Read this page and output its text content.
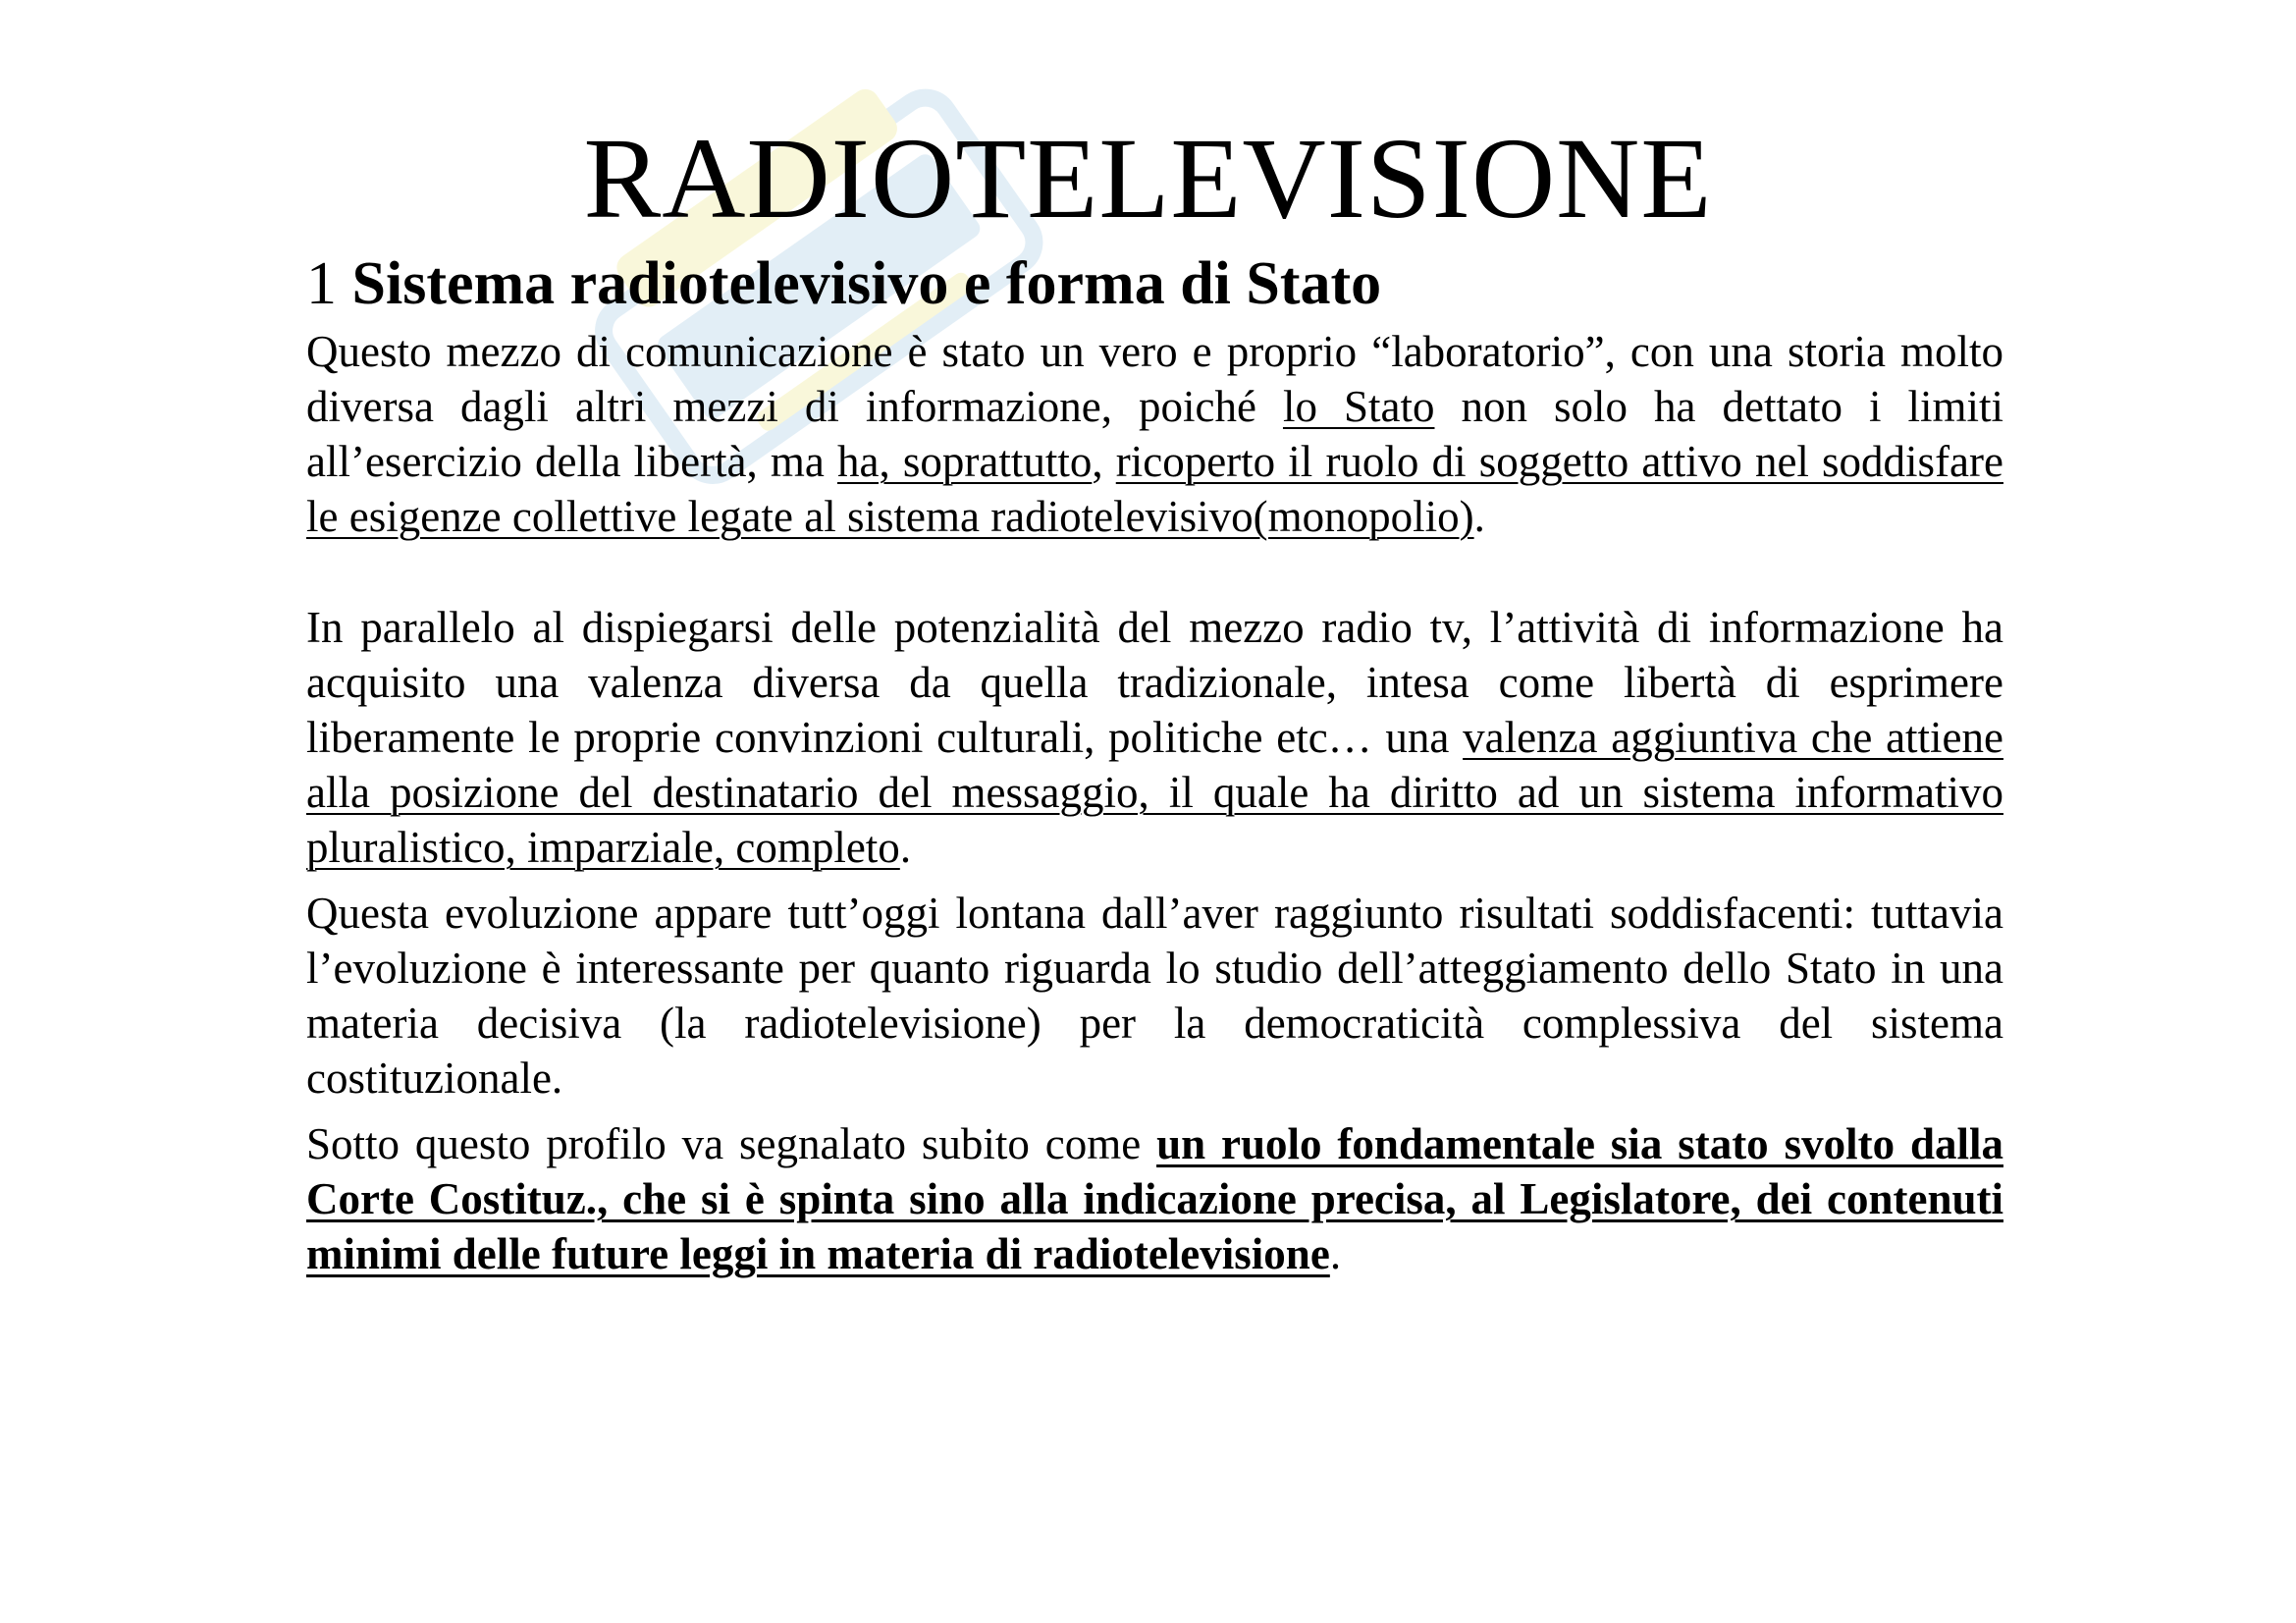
RADIOTELEVISIONE
1 Sistema radiotelevisivo e forma di Stato
Questo mezzo di comunicazione è stato un vero e proprio “laboratorio”, con una storia molto diversa dagli altri mezzi di informazione, poiché lo Stato non solo ha dettato i limiti all’esercizio della libertà, ma ha, soprattutto, ricoperto il ruolo di soggetto attivo nel soddisfare le esigenze collettive legate al sistema radiotelevisivo(monopolio).
In parallelo al dispiegarsi delle potenzialità del mezzo radio tv, l’attività di informazione ha acquisito una valenza diversa da quella tradizionale, intesa come libertà di esprimere liberamente le proprie convinzioni culturali, politiche etc… una valenza aggiuntiva che attiene alla posizione del destinatario del messaggio, il quale ha diritto ad un sistema informativo pluralistico, imparziale, completo.
Questa evoluzione appare tutt’oggi lontana dall’aver raggiunto risultati soddisfacenti: tuttavia l’evoluzione è interessante per quanto riguarda lo studio dell’atteggiamento dello Stato in una materia decisiva (la radiotelevisione) per la democraticità complessiva del sistema costituzionale.
Sotto questo profilo va segnalato subito come un ruolo fondamentale sia stato svolto dalla Corte Costituz., che si è spinta sino alla indicazione precisa, al Legislatore, dei contenuti minimi delle future leggi in materia di radiotelevisione.
